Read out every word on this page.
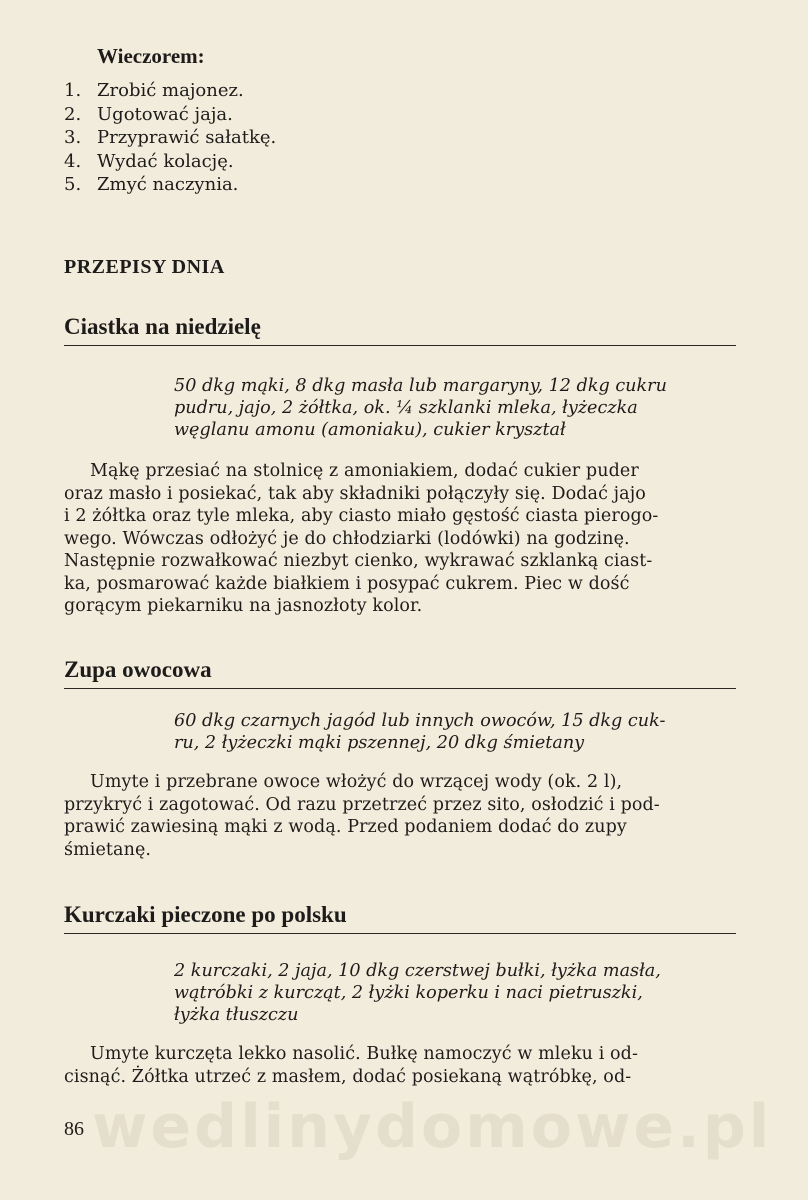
Wieczorem:
1. Zrobić majonez.
2. Ugotować jaja.
3. Przyprawić sałatkę.
4. Wydać kolację.
5. Zmyć naczynia.
PRZEPISY DNIA
Ciastka na niedzielę
50 dkg mąki, 8 dkg masła lub margaryny, 12 dkg cukru
pudru, jajo, 2 żółtka, ok. ¼ szklanki mleka, łyżeczka
węglanu amonu (amoniaku), cukier kryształ
Mąkę przesiać na stolnicę z amoniakiem, dodać cukier puder
oraz masło i posiekać, tak aby składniki połączyły się. Dodać jajo
i 2 żółtka oraz tyle mleka, aby ciasto miało gęstość ciasta pierogo-
wego. Wówczas odłożyć je do chłodziarki (lodówki) na godzinę.
Następnie rozwałkować niezbyt cienko, wykrawać szklanką ciast-
ka, posmarować każde białkiem i posypać cukrem. Piec w dość
gorącym piekarniku na jasnozłoty kolor.
Zupa owocowa
60 dkg czarnych jagód lub innych owoców, 15 dkg cuk-
ru, 2 łyżeczki mąki pszennej, 20 dkg śmietany
Umyte i przebrane owoce włożyć do wrzącej wody (ok. 2 l),
przykryć i zagotować. Od razu przetrzeć przez sito, osłodzić i pod-
prawić zawiesiną mąki z wodą. Przed podaniem dodać do zupy
śmietanę.
Kurczaki pieczone po polsku
2 kurczaki, 2 jaja, 10 dkg czerstwej bułki, łyżka masła,
wątróbki z kurcząt, 2 łyżki koperku i naci pietruszki,
łyżka tłuszczu
Umyte kurczęta lekko nasolić. Bułkę namoczyć w mleku i od-
cisnąć. Żółtka utrzeć z masłem, dodać posiekaną wątróbkę, od-
wedlinydomowe.pl
86
